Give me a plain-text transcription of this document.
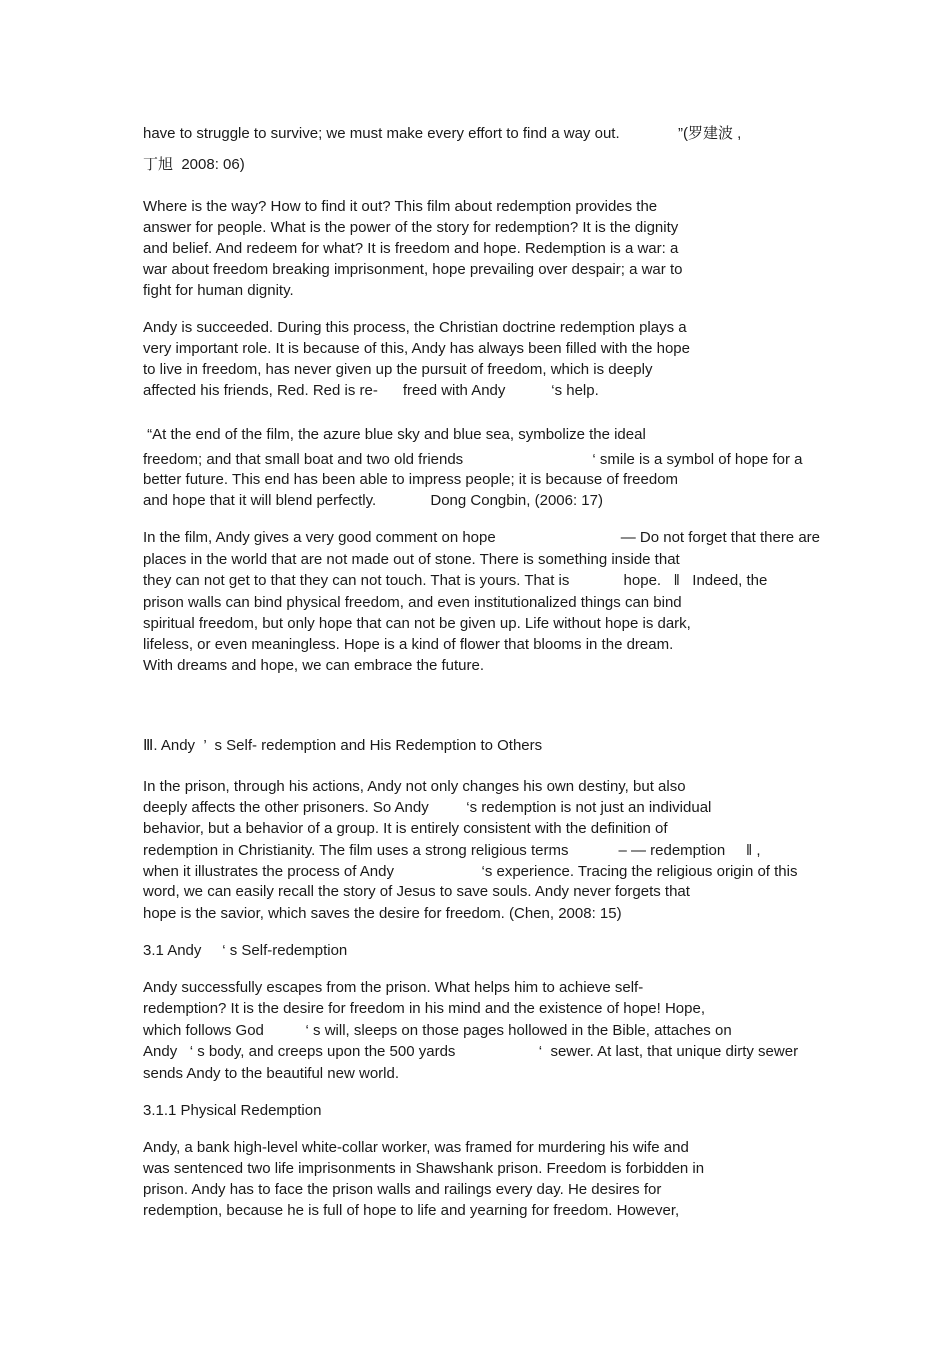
have to struggle to survive; we must make every effort to find a way out.              ”(罗建波 ,
丁旭  2008: 06)
Where is the way? How to find it out? This film about redemption provides the
answer for people. What is the power of the story for redemption? It is the dignity
and belief. And redeem for what? It is freedom and hope. Redemption is a war: a
war about freedom breaking imprisonment, hope prevailing over despair; a war to
fight for human dignity.
Andy is succeeded. During this process, the Christian doctrine redemption plays a
very important role. It is because of this, Andy has always been filled with the hope
to live in freedom, has never given up the pursuit of freedom, which is deeply
affected his friends, Red. Red is re-      freed with Andy           ‘s help.
“At the end of the film, the azure blue sky and blue sea, symbolize the ideal
freedom; and that small boat and two old friends                               ‘ smile is a symbol of hope for a
better future. This end has been able to impress people; it is because of freedom
and hope that it will blend perfectly.             Dong Congbin, (2006: 17)
In the film, Andy gives a very good comment on hope                              — Do not forget that there are
places in the world that are not made out of stone. There is something inside that
they can not get to that they can not touch. That is yours. That is             hope.   ‖   Indeed, the
prison walls can bind physical freedom, and even institutionalized things can bind
spiritual freedom, but only hope that can not be given up. Life without hope is dark,
lifeless, or even meaningless. Hope is a kind of flower that blooms in the dream.
With dreams and hope, we can embrace the future.
Ⅲ. Andy  ’  s Self- redemption and His Redemption to Others
In the prison, through his actions, Andy not only changes his own destiny, but also
deeply affects the other prisoners. So Andy         ‘s redemption is not just an individual
behavior, but a behavior of a group. It is entirely consistent with the definition of
redemption in Christianity. The film uses a strong religious terms            – — redemption     ‖ ,
when it illustrates the process of Andy                     ‘s experience. Tracing the religious origin of this
word, we can easily recall the story of Jesus to save souls. Andy never forgets that
hope is the savior, which saves the desire for freedom. (Chen, 2008: 15)
3.1 Andy     ‘ s Self-redemption
Andy successfully escapes from the prison. What helps him to achieve self-
redemption? It is the desire for freedom in his mind and the existence of hope! Hope,
which follows God          ‘ s will, sleeps on those pages hollowed in the Bible, attaches on
Andy   ‘ s body, and creeps upon the 500 yards                    ‘  sewer. At last, that unique dirty sewer
sends Andy to the beautiful new world.
3.1.1 Physical Redemption
Andy, a bank high-level white-collar worker, was framed for murdering his wife and
was sentenced two life imprisonments in Shawshank prison. Freedom is forbidden in
prison. Andy has to face the prison walls and railings every day. He desires for
redemption, because he is full of hope to life and yearning for freedom. However,
